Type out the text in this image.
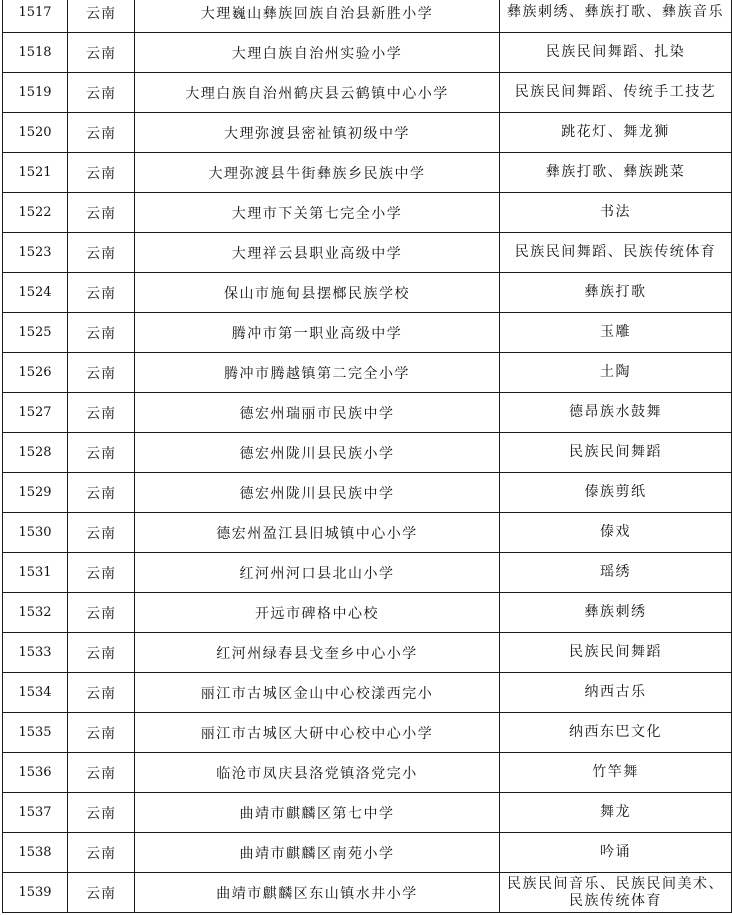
1517	云南	大理巍山彝族回族自治县新胜小学	彝族刺绣、彝族打歌、彝族音乐

1518	云南	大理白族自治州实验小学	民族民间舞蹈、扎染

1519	云南	大理白族自治州鹤庆县云鹤镇中心小学	民族民间舞蹈、传统手工技艺

1520	云南	大理弥渡县密祉镇初级中学	跳花灯、舞龙狮

1521	云南	大理弥渡县牛街彝族乡民族中学	彝族打歌、彝族跳菜

1522	云南	大理市下关第七完全小学	书法

1523	云南	大理祥云县职业高级中学	民族民间舞蹈、民族传统体育

1524	云南	保山市施甸县摆榔民族学校	彝族打歌

1525	云南	腾冲市第一职业高级中学	玉雕

1526	云南	腾冲市腾越镇第二完全小学	土陶

1527	云南	德宏州瑞丽市民族中学	德昂族水鼓舞

1528	云南	德宏州陇川县民族小学	民族民间舞蹈

1529	云南	德宏州陇川县民族中学	傣族剪纸

1530	云南	德宏州盈江县旧城镇中心小学	傣戏

1531	云南	红河州河口县北山小学	瑶绣

1532	云南	开远市碑格中心校	彝族刺绣

1533	云南	红河州绿春县戈奎乡中心小学	民族民间舞蹈

1534	云南	丽江市古城区金山中心校漾西完小	纳西古乐

1535	云南	丽江市古城区大研中心校中心小学	纳西东巴文化

1536	云南	临沧市凤庆县洛党镇洛党完小	竹竿舞

1537	云南	曲靖市麒麟区第七中学	舞龙

1538	云南	曲靖市麒麟区南苑小学	吟诵

1539	云南	曲靖市麒麟区东山镇水井小学	民族民间音乐、民族民间美术、
民族传统体育
